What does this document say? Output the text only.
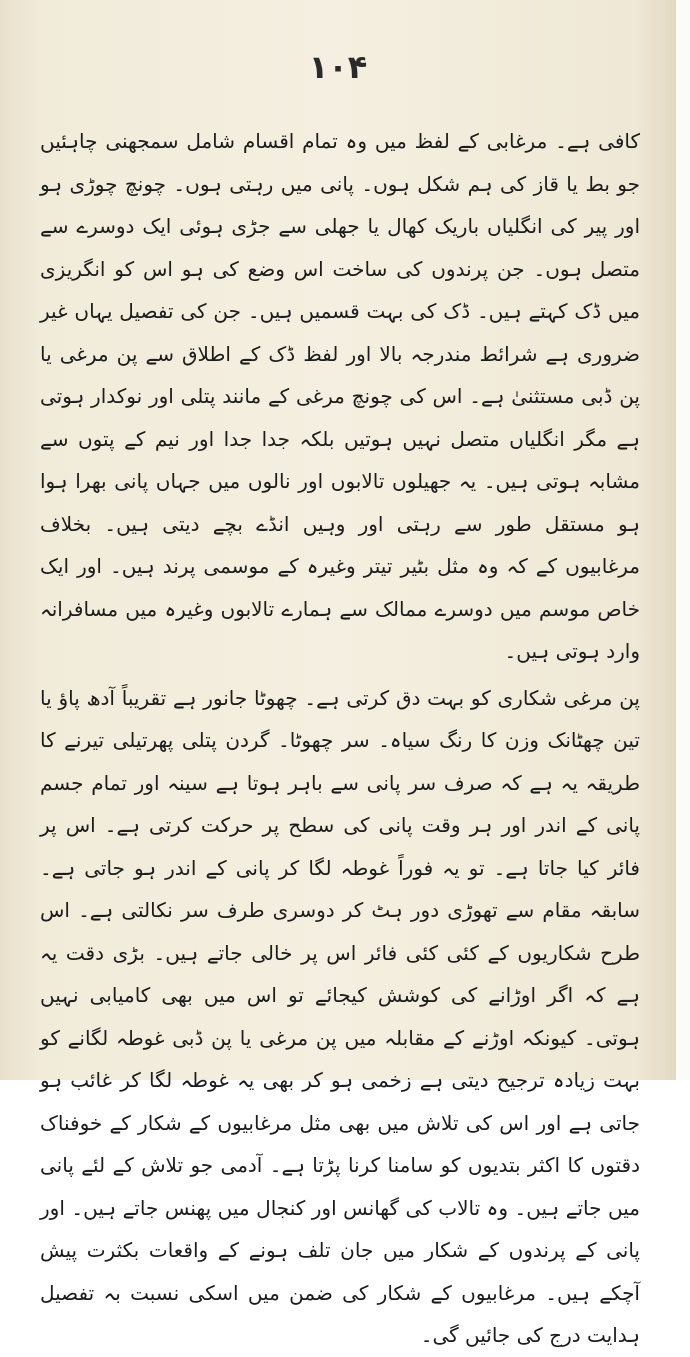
۱۰۴

کافی ہے۔ مرغابی کے لفظ میں وہ تمام اقسام شامل سمجھنی چاہئیں جو بط یا قاز کی ہم شکل ہوں۔ پانی میں رہتی ہوں۔ چونچ چوڑی ہو اور پیر کی انگلیاں باریک کھال یا جھلی سے جڑی ہوئی ایک دوسرے سے متصل ہوں۔ جن پرندوں کی ساخت اس وضع کی ہو اس کو انگریزی میں ڈک کہتے ہیں۔ ڈک کی بہت قسمیں ہیں۔ جن کی تفصیل یہاں غیر ضروری ہے شرائط مندرجہ بالا اور لفظ ڈک کے اطلاق سے پن مرغی یا پن ڈبی مستثنیٰ ہے۔ اس کی چونچ مرغی کے مانند پتلی اور نوکدار ہوتی ہے مگر انگلیاں متصل نہیں ہوتیں بلکہ جدا جدا اور نیم کے پتوں سے مشابہ ہوتی ہیں۔ یہ جھیلوں تالابوں اور نالوں میں جہاں پانی بھرا ہوا ہو مستقل طور سے رہتی اور وہیں انڈے بچے دیتی ہیں۔ بخلاف مرغابیوں کے کہ وہ مثل بٹیر تیتر وغیرہ کے موسمی پرند ہیں۔ اور ایک خاص موسم میں دوسرے ممالک سے ہمارے تالابوں وغیرہ میں مسافرانہ وارد ہوتی ہیں۔

پن مرغی شکاری کو بہت دق کرتی ہے۔ چھوٹا جانور ہے تقریباً آدھ پاؤ یا تین چھٹانک وزن کا رنگ سیاہ۔ سر چھوٹا۔ گردن پتلی پھرتیلی تیرنے کا طریقہ یہ ہے کہ صرف سر پانی سے باہر ہوتا ہے سینہ اور تمام جسم پانی کے اندر اور ہر وقت پانی کی سطح پر حرکت کرتی ہے۔ اس پر فائر کیا جاتا ہے۔ تو یہ فوراً غوطہ لگا کر پانی کے اندر ہو جاتی ہے۔ سابقہ مقام سے تھوڑی دور ہٹ کر دوسری طرف سر نکالتی ہے۔ اس طرح شکاریوں کے کئی کئی فائر اس پر خالی جاتے ہیں۔ بڑی دقت یہ ہے کہ اگر اوڑانے کی کوشش کیجائے تو اس میں بھی کامیابی نہیں ہوتی۔ کیونکہ اوڑنے کے مقابلہ میں پن مرغی یا پن ڈبی غوطہ لگانے کو بہت زیادہ ترجیح دیتی ہے زخمی ہو کر بھی یہ غوطہ لگا کر غائب ہو جاتی ہے اور اس کی تلاش میں بھی مثل مرغابیوں کے شکار کے خوفناک دقتوں کا اکثر بتدیوں کو سامنا کرنا پڑتا ہے۔ آدمی جو تلاش کے لئے پانی میں جاتے ہیں۔ وہ تالاب کی گھانس اور کنجال میں پھنس جاتے ہیں۔ اور پانی کے پرندوں کے شکار میں جان تلف ہونے کے واقعات بکثرت پیش آچکے ہیں۔ مرغابیوں کے شکار کی ضمن میں اسکی نسبت بہ تفصیل ہدایت درج کی جائیں گی۔
